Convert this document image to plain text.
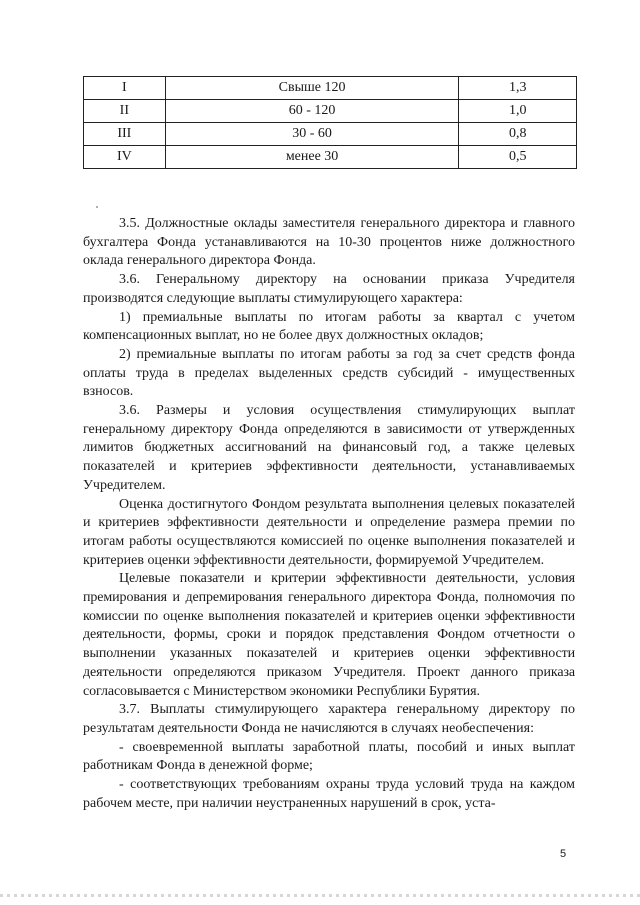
I	Свыше 120	1,3
II	60 - 120	1,0
III	30 - 60	0,8
IV	менее 30	0,5

3.5. Должностные оклады заместителя генерального директора и главного бухгалтера Фонда устанавливаются на 10-30 процентов ниже должностного оклада генерального директора Фонда.

3.6. Генеральному директору на основании приказа Учредителя производятся следующие выплаты стимулирующего характера:

1) премиальные выплаты по итогам работы за квартал с учетом компенсационных выплат, но не более двух должностных окладов;

2) премиальные выплаты по итогам работы за год за счет средств фонда оплаты труда в пределах выделенных средств субсидий - имущественных взносов.

3.6. Размеры и условия осуществления стимулирующих выплат генеральному директору Фонда определяются в зависимости от утвержденных лимитов бюджетных ассигнований на финансовый год, а также целевых показателей и критериев эффективности деятельности, устанавливаемых Учредителем.

Оценка достигнутого Фондом результата выполнения целевых показателей и критериев эффективности деятельности и определение размера премии по итогам работы осуществляются комиссией по оценке выполнения показателей и критериев оценки эффективности деятельности, формируемой Учредителем.

Целевые показатели и критерии эффективности деятельности, условия премирования и депремирования генерального директора Фонда, полномочия по комиссии по оценке выполнения показателей и критериев оценки эффективности деятельности, формы, сроки и порядок представления Фондом отчетности о выполнении указанных показателей и критериев оценки эффективности деятельности определяются приказом Учредителя. Проект данного приказа согласовывается с Министерством экономики Республики Бурятия.

3.7. Выплаты стимулирующего характера генеральному директору по результатам деятельности Фонда не начисляются в случаях необеспечения:

- своевременной выплаты заработной платы, пособий и иных выплат работникам Фонда в денежной форме;

- соответствующих требованиям охраны труда условий труда на каждом рабочем месте, при наличии неустраненных нарушений в срок, уста-

5
